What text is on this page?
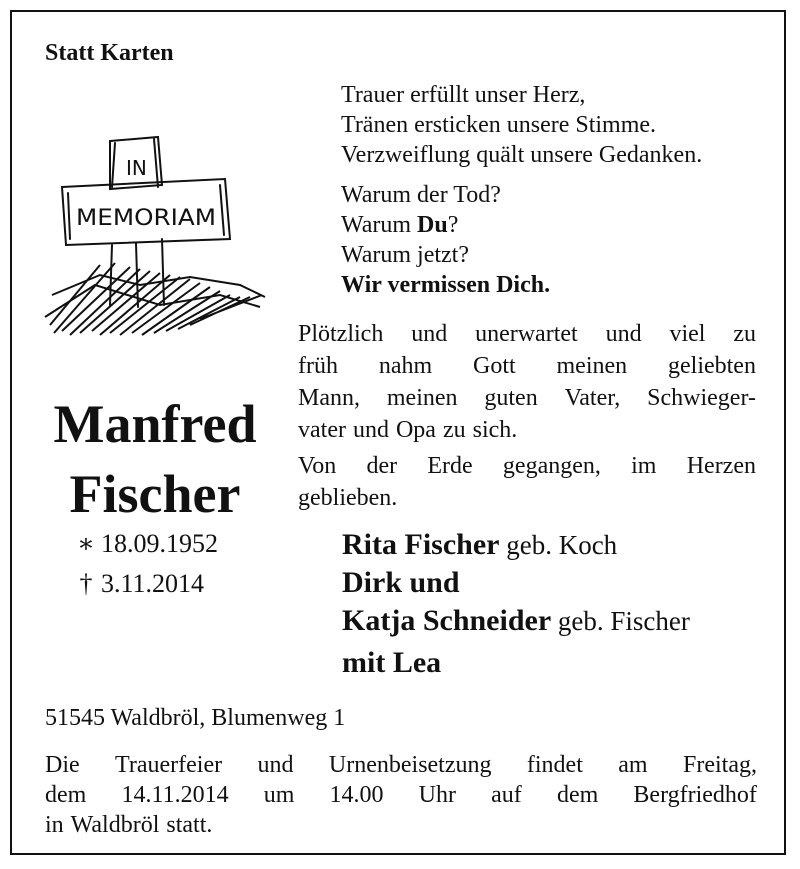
Statt Karten
Trauer erfüllt unser Herz,
Tränen ersticken unsere Stimme.
Verzweiflung quält unsere Gedanken.
Warum der Tod?
Warum Du?
Warum jetzt?
Wir vermissen Dich.
IN
MEMORIAM
Manfred
Fischer
∗ 18.09.1952
† 3.11.2014
Plötzlich und unerwartet und viel zu
früh nahm Gott meinen geliebten
Mann, meinen guten Vater, Schwieger-
vater und Opa zu sich.
Von der Erde gegangen, im Herzen
geblieben.
Rita Fischer geb. Koch
Dirk und
Katja Schneider geb. Fischer
mit Lea
51545 Waldbröl, Blumenweg 1
Die Trauerfeier und Urnenbeisetzung findet am Freitag,
dem 14.11.2014 um 14.00 Uhr auf dem Bergfriedhof
in Waldbröl statt.
